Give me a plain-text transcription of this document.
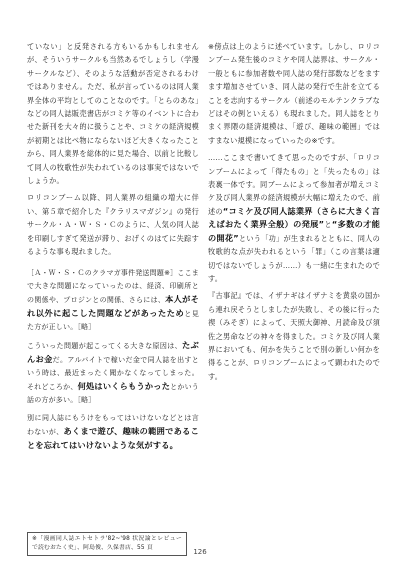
ていない」と反発される方もいるかもしれませんが、そういうサークルも当然あるでしょうし（学漫サークルなど）、そのような活動が否定されるわけではありません。ただ、私が言っているのは同人業界全体の平均としてのことなのです。「とらのあな」などの同人誌販売書店がコミケ等のイベントに合わせた新刊を大々的に扱うことや、コミケの経済規模が初期とは比べ物にならないほど大きくなったことから、同人業界を総体的に見た場合、以前と比較して同人の牧歌性が失われているのは事実ではないでしょうか。

ロリコンブーム以降、同人業界の組織の増大に伴い、第５章で紹介した『クラリスマガジン』の発行サークル・Ａ・Ｗ・Ｓ・Ｃのように、人気の同人誌を印刷しすぎて発送が滞り、おげくのはてに失踪するような事も現れました。

［Ａ・Ｗ・Ｓ・Ｃのクラマガ事件発送問題※］ここまで大きな問題になっていったのは、経済、印刷所との関係や、プロジンとの関係、さらには、本人がそれ以外に起こした問題などがあったためと見た方が正しい。［略］

こういった問題が起こってくる大きな原因は、たぶんお金だ。アルバイトで稼いだ金で同人誌を出すという時は、最近まったく聞かなくなってしまった。それどころか、何処はいくらもうかったとかいう話の方が多い。［略］

別に同人誌にもうけをもってはいけないなどとは言わないが、あくまで遊び、趣味の範囲であることを忘れてはいけないような気がする。

※傍点は上のように述べています。しかし、ロリコンブーム発生後のコミケや同人誌界は、サークル・一般ともに参加者数や同人誌の発行部数などをますます増加させていき、同人誌の発行で生計を立てることを志向するサークル（前述のモルテンクラブなどはその例といえる）も現れました。同人誌をとりまく界隈の経済規模は、「遊び、趣味の範囲」ではすまない規模になっていったの※です。

……ここまで書いてきて思ったのですが、「ロリコンブームによって「得たもの」と「失ったもの」は表裏一体です。同ブームによって参加者が増えコミケ及び同人業界の経済規模が大幅に増えたので、前述の“コミケ及び同人誌業界（さらに大きく言えばおたく業界全般）の発展”と“多数の才能の開花”という「功」が生まれるとともに、同人の牧歌的な点が失われるという「罪」（この言葉は適切ではないでしょうが……）も一緒に生まれたのです。

『古事記』では、イザナギはイザナミを黄泉の国から連れ戻そうとしましたが失敗し、その後に行った禊（みそぎ）によって、天照大御神、月読命及び須佐之男命などの神々を得ました。コミケ及び同人業界においても、何かを失うことで別の新しい何かを得ることが、ロリコンブームによって顕われたのです。

※「漫画同人誌エトセトラ'82~'98 状況論とレビューで読むおたく史」、阿島俊、久保書店、55 頁	126
